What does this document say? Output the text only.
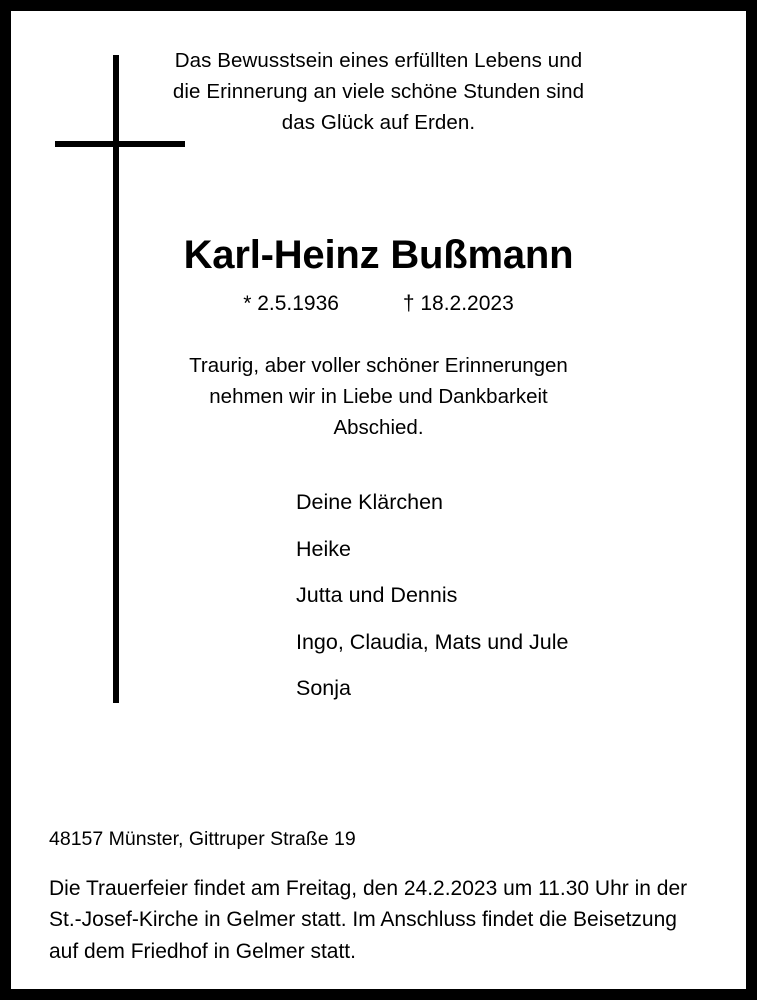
Das Bewusstsein eines erfüllten Lebens und
die Erinnerung an viele schöne Stunden sind
das Glück auf Erden.
Karl-Heinz Bußmann
* 2.5.1936	† 18.2.2023
Traurig, aber voller schöner Erinnerungen
nehmen wir in Liebe und Dankbarkeit
Abschied.
Deine Klärchen
Heike
Jutta und Dennis
Ingo, Claudia, Mats und Jule
Sonja
48157 Münster, Gittruper Straße 19
Die Trauerfeier findet am Freitag, den 24.2.2023 um 11.30 Uhr in der St.-Josef-Kirche in Gelmer statt. Im Anschluss findet die Beisetzung auf dem Friedhof in Gelmer statt.
